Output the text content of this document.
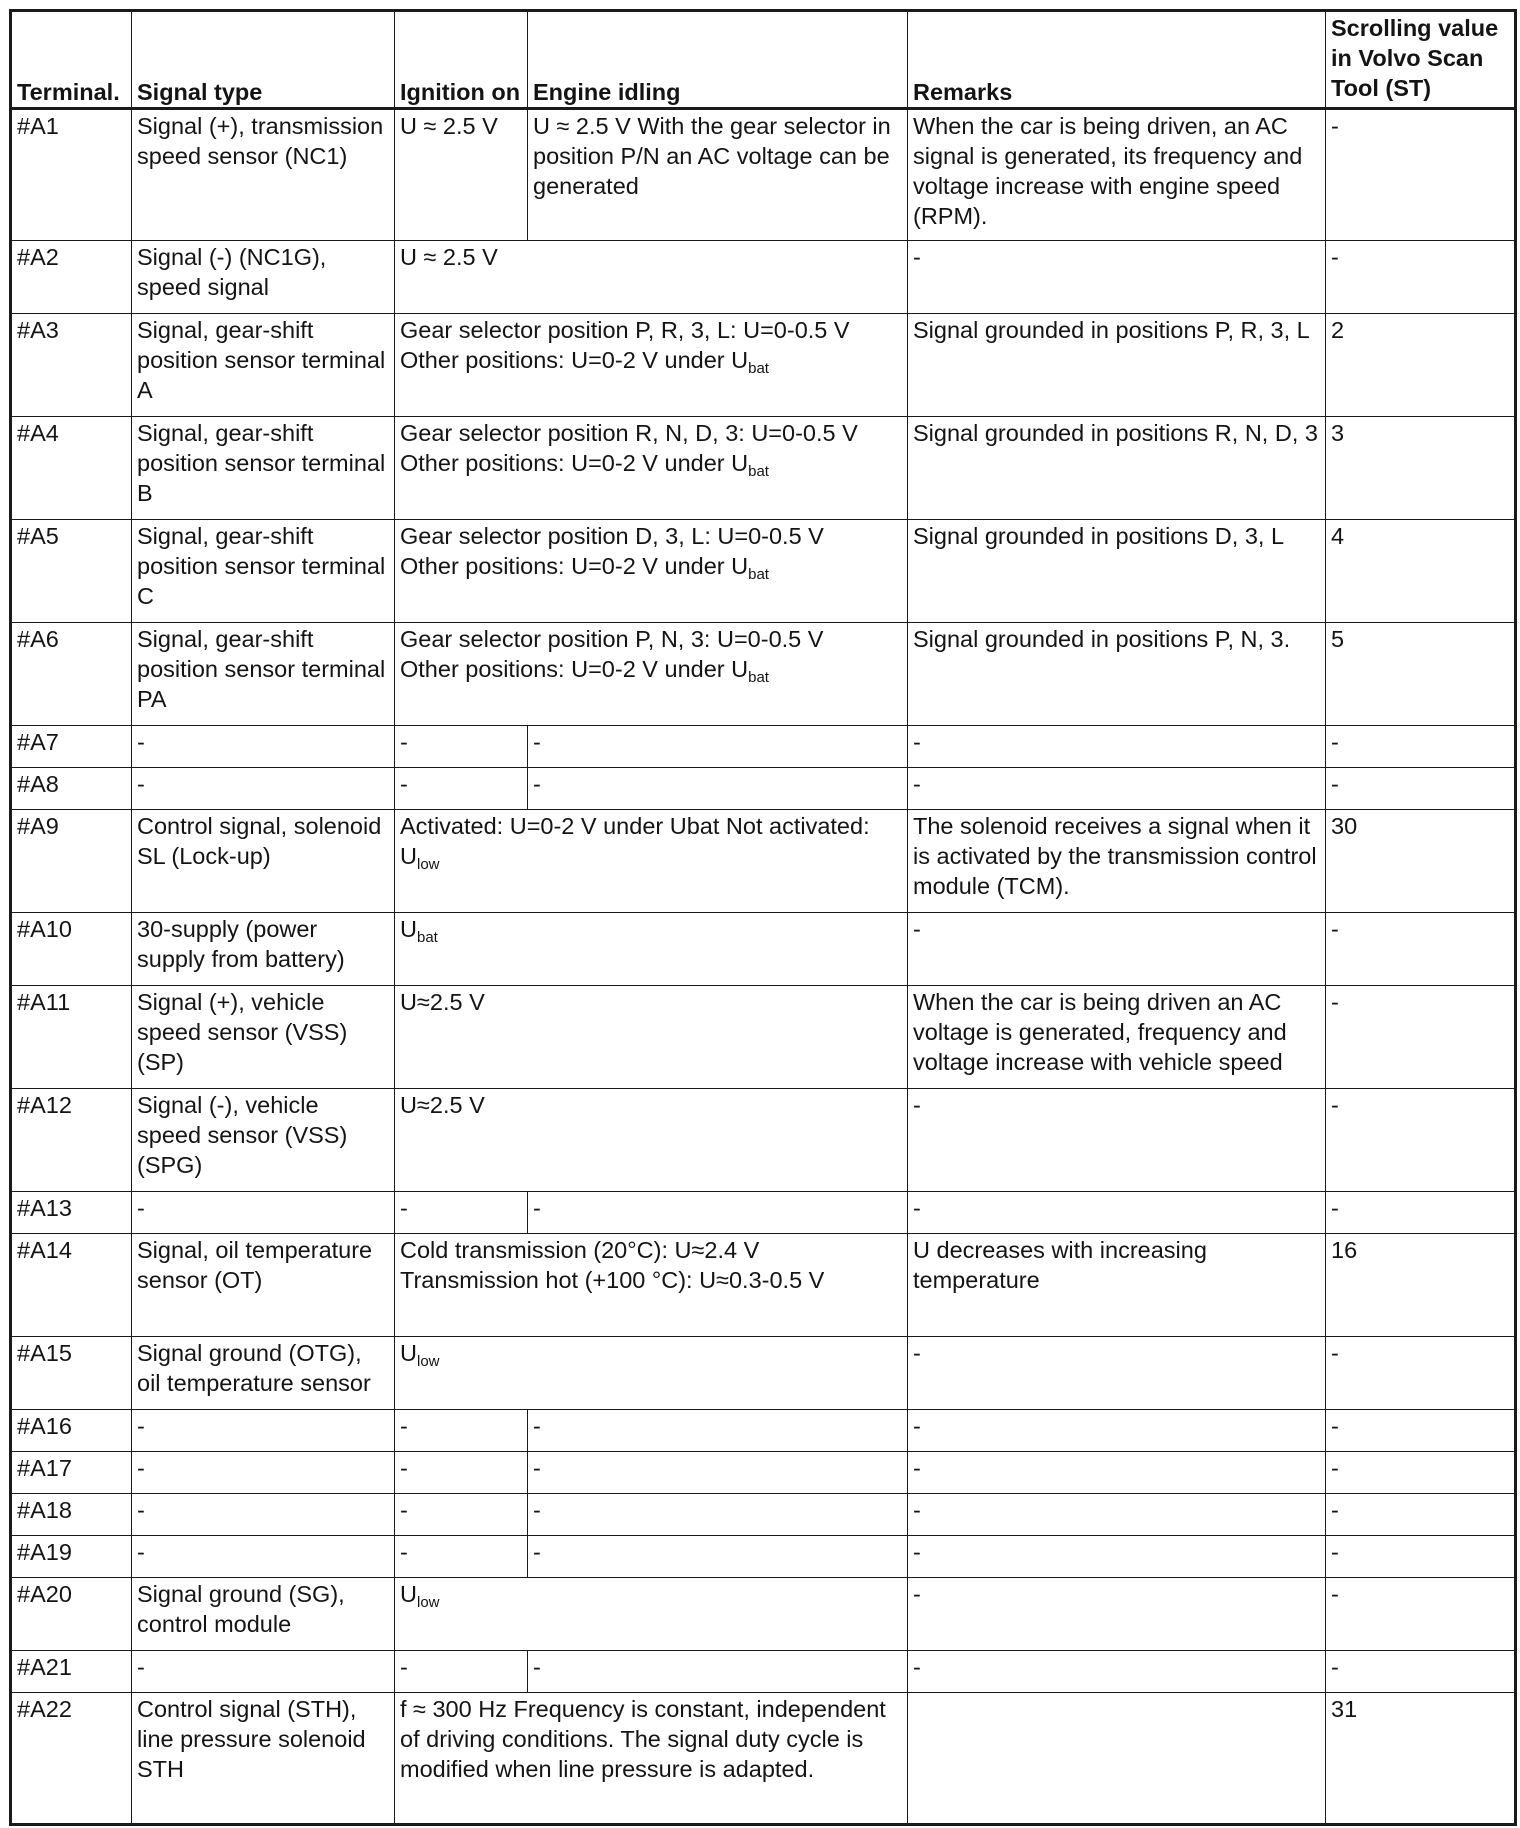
Terminal.	Signal type	Ignition on	Engine idling	Remarks	Scrolling value in Volvo Scan Tool (ST)
#A1	Signal (+), transmission speed sensor (NC1)	U ≈ 2.5 V	U ≈ 2.5 V With the gear selector in position P/N an AC voltage can be generated	When the car is being driven, an AC signal is generated, its frequency and voltage increase with engine speed (RPM).	-
#A2	Signal (-) (NC1G), speed signal	U ≈ 2.5 V		-	-
#A3	Signal, gear-shift position sensor terminal A	Gear selector position P, R, 3, L: U=0-0.5 V
Other positions: U=0-2 V under $U_{bat}$		Signal grounded in positions P, R, 3, L	2
#A4	Signal, gear-shift position sensor terminal B	Gear selector position R, N, D, 3: U=0-0.5 V
Other positions: U=0-2 V under $U_{bat}$		Signal grounded in positions R, N, D, 3	3
#A5	Signal, gear-shift position sensor terminal C	Gear selector position D, 3, L: U=0-0.5 V
Other positions: U=0-2 V under $U_{bat}$		Signal grounded in positions D, 3, L	4
#A6	Signal, gear-shift position sensor terminal PA	Gear selector position P, N, 3: U=0-0.5 V
Other positions: U=0-2 V under $U_{bat}$		Signal grounded in positions P, N, 3.	5
#A7	-	-	-	-	-
#A8	-	-	-	-	-
#A9	Control signal, solenoid SL (Lock-up)	Activated: U=0-2 V under Ubat Not activated: $U_{low}$		The solenoid receives a signal when it is activated by the transmission control module (TCM).	30
#A10	30-supply (power supply from battery)	$U_{bat}$		-	-
#A11	Signal (+), vehicle speed sensor (VSS) (SP)	U≈2.5 V		When the car is being driven an AC voltage is generated, frequency and voltage increase with vehicle speed	-
#A12	Signal (-), vehicle speed sensor (VSS) (SPG)	U≈2.5 V		-	-
#A13	-	-	-	-	-
#A14	Signal, oil temperature sensor (OT)	Cold transmission (20°C): U≈2.4 V
Transmission hot (+100 °C): U≈0.3-0.5 V		U decreases with increasing temperature	16
#A15	Signal ground (OTG), oil temperature sensor	$U_{low}$		-	-
#A16	-	-	-	-	-
#A17	-	-	-	-	-
#A18	-	-	-	-	-
#A19	-	-	-	-	-
#A20	Signal ground (SG), control module	$U_{low}$		-	-
#A21	-	-	-	-	-
#A22	Control signal (STH), line pressure solenoid STH	f ≈ 300 Hz Frequency is constant, independent of driving conditions. The signal duty cycle is modified when line pressure is adapted.			31
